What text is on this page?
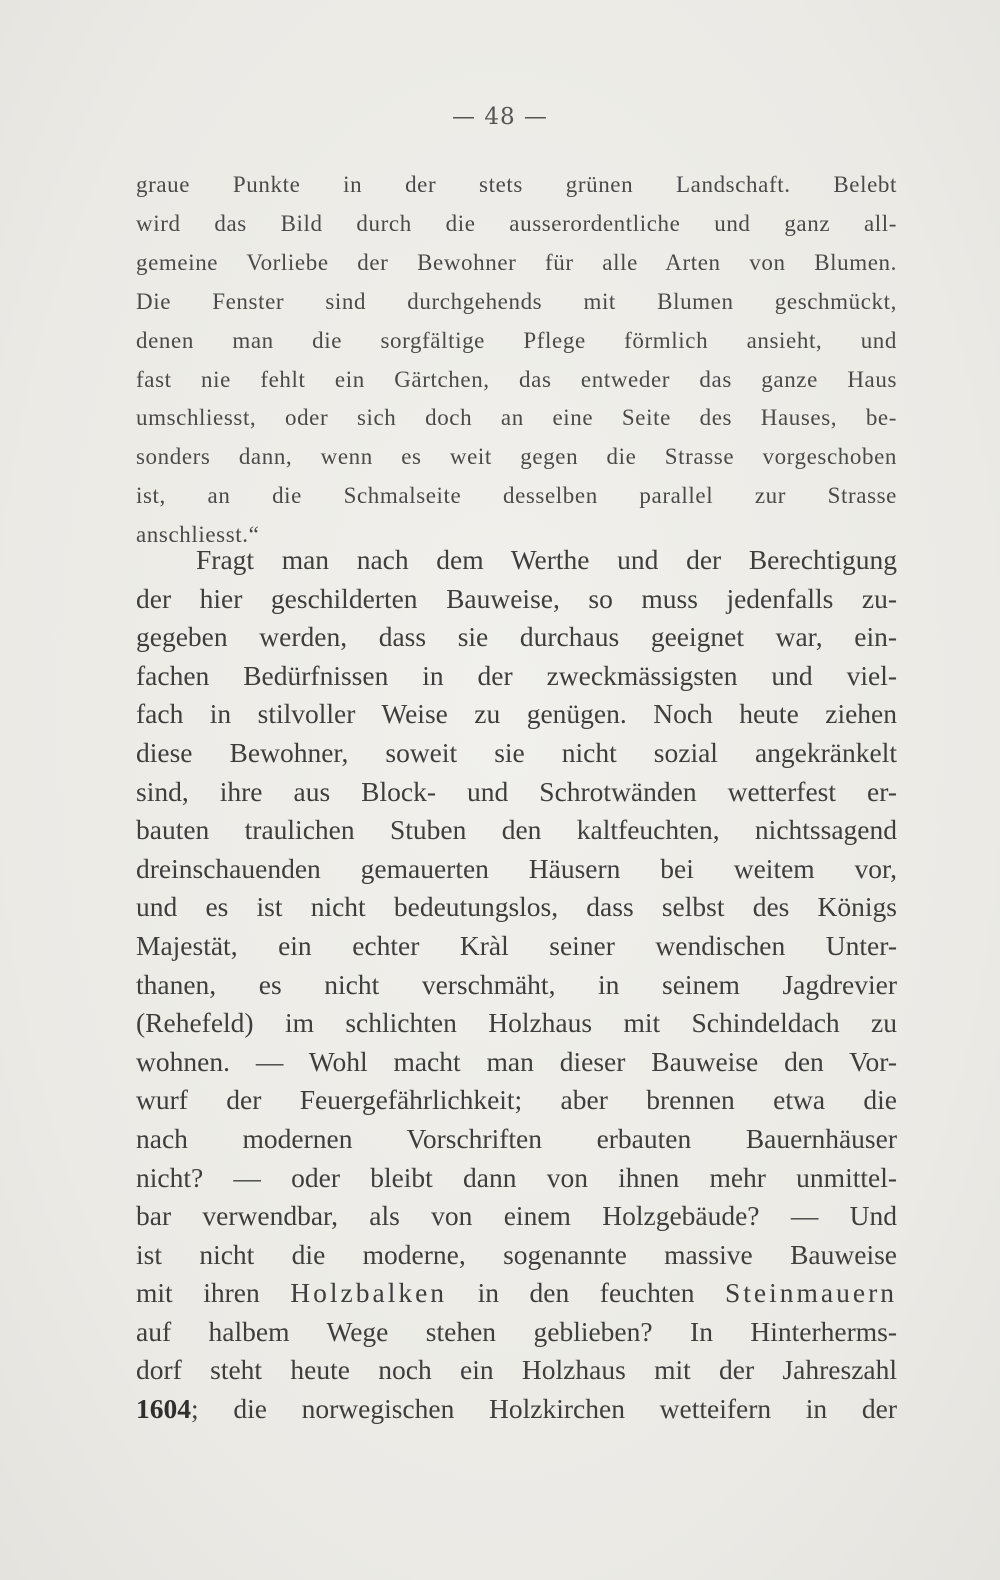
— 48 —
graue Punkte in der stets grünen Landschaft. Belebt
wird das Bild durch die ausserordentliche und ganz all-
gemeine Vorliebe der Bewohner für alle Arten von Blumen.
Die Fenster sind durchgehends mit Blumen geschmückt,
denen man die sorgfältige Pflege förmlich ansieht, und
fast nie fehlt ein Gärtchen, das entweder das ganze Haus
umschliesst, oder sich doch an eine Seite des Hauses, be-
sonders dann, wenn es weit gegen die Strasse vorgeschoben
ist, an die Schmalseite desselben parallel zur Strasse
anschliesst.“
Fragt man nach dem Werthe und der Berechtigung
der hier geschilderten Bauweise, so muss jedenfalls zu-
gegeben werden, dass sie durchaus geeignet war, ein-
fachen Bedürfnissen in der zweckmässigsten und viel-
fach in stilvoller Weise zu genügen. Noch heute ziehen
diese Bewohner, soweit sie nicht sozial angekränkelt
sind, ihre aus Block- und Schrotwänden wetterfest er-
bauten traulichen Stuben den kaltfeuchten, nichtssagend
dreinschauenden gemauerten Häusern bei weitem vor,
und es ist nicht bedeutungslos, dass selbst des Königs
Majestät, ein echter Kràl seiner wendischen Unter-
thanen, es nicht verschmäht, in seinem Jagdrevier
(Rehefeld) im schlichten Holzhaus mit Schindeldach zu
wohnen. — Wohl macht man dieser Bauweise den Vor-
wurf der Feuergefährlichkeit; aber brennen etwa die
nach modernen Vorschriften erbauten Bauernhäuser
nicht? — oder bleibt dann von ihnen mehr unmittel-
bar verwendbar, als von einem Holzgebäude? — Und
ist nicht die moderne, sogenannte massive Bauweise
mit ihren Holzbalken in den feuchten Steinmauern
auf halbem Wege stehen geblieben? In Hinterherms-
dorf steht heute noch ein Holzhaus mit der Jahreszahl
1604; die norwegischen Holzkirchen wetteifern in der
